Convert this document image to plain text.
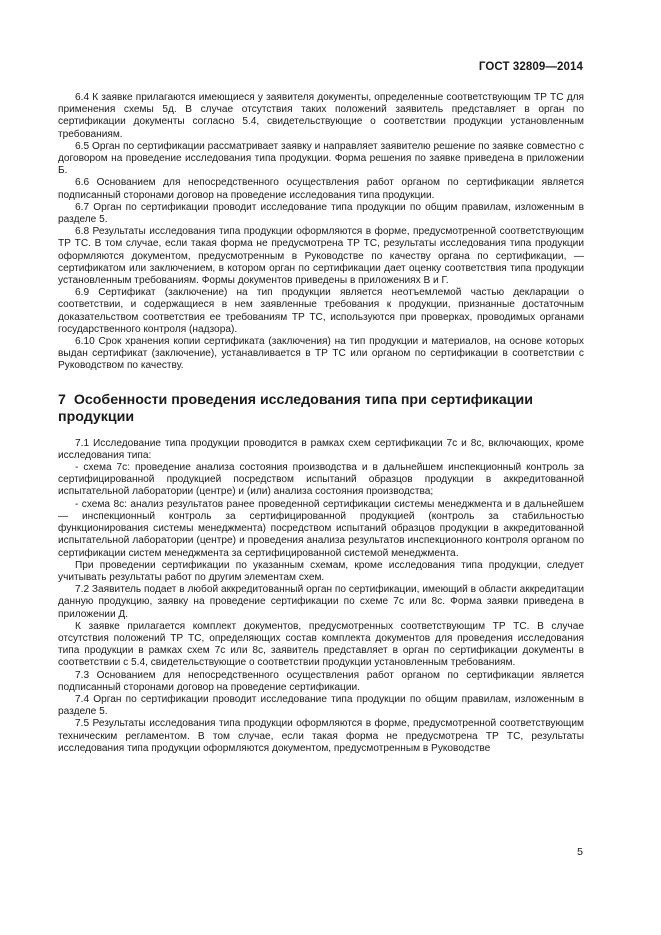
ГОСТ 32809—2014

6.4 К заявке прилагаются имеющиеся у заявителя документы, определенные соответствующим ТР ТС для применения схемы 5д. В случае отсутствия таких положений заявитель представляет в орган по сертификации документы согласно 5.4, свидетельствующие о соответствии продукции установленным требованиям.

6.5 Орган по сертификации рассматривает заявку и направляет заявителю решение по заявке совместно с договором на проведение исследования типа продукции. Форма решения по заявке приведена в приложении Б.

6.6 Основанием для непосредственного осуществления работ органом по сертификации является подписанный сторонами договор на проведение исследования типа продукции.

6.7 Орган по сертификации проводит исследование типа продукции по общим правилам, изложенным в разделе 5.

6.8 Результаты исследования типа продукции оформляются в форме, предусмотренной соответствующим ТР ТС. В том случае, если такая форма не предусмотрена ТР ТС, результаты исследования типа продукции оформляются документом, предусмотренным в Руководстве по качеству органа по сертификации, — сертификатом или заключением, в котором орган по сертификации дает оценку соответствия типа продукции установленным требованиям. Формы документов приведены в приложениях В и Г.

6.9 Сертификат (заключение) на тип продукции является неотъемлемой частью декларации о соответствии, и содержащиеся в нем заявленные требования к продукции, признанные достаточным доказательством соответствия ее требованиям ТР ТС, используются при проверках, проводимых органами государственного контроля (надзора).

6.10 Срок хранения копии сертификата (заключения) на тип продукции и материалов, на основе которых выдан сертификат (заключение), устанавливается в ТР ТС или органом по сертификации в соответствии с Руководством по качеству.

7 Особенности проведения исследования типа при сертификации продукции

7.1 Исследование типа продукции проводится в рамках схем сертификации 7с и 8с, включающих, кроме исследования типа:

- схема 7с: проведение анализа состояния производства и в дальнейшем инспекционный контроль за сертифицированной продукцией посредством испытаний образцов продукции в аккредитованной испытательной лаборатории (центре) и (или) анализа состояния производства;

- схема 8с: анализ результатов ранее проведенной сертификации системы менеджмента и в дальнейшем — инспекционный контроль за сертифицированной продукцией (контроль за стабильностью функционирования системы менеджмента) посредством испытаний образцов продукции в аккредитованной испытательной лаборатории (центре) и проведения анализа результатов инспекционного контроля органом по сертификации систем менеджмента за сертифицированной системой менеджмента.

При проведении сертификации по указанным схемам, кроме исследования типа продукции, следует учитывать результаты работ по другим элементам схем.

7.2 Заявитель подает в любой аккредитованный орган по сертификации, имеющий в области аккредитации данную продукцию, заявку на проведение сертификации по схеме 7с или 8с. Форма заявки приведена в приложении Д.

К заявке прилагается комплект документов, предусмотренных соответствующим ТР ТС. В случае отсутствия положений ТР ТС, определяющих состав комплекта документов для проведения исследования типа продукции в рамках схем 7с или 8с, заявитель представляет в орган по сертификации документы в соответствии с 5.4, свидетельствующие о соответствии продукции установленным требованиям.

7.3 Основанием для непосредственного осуществления работ органом по сертификации является подписанный сторонами договор на проведение сертификации.

7.4 Орган по сертификации проводит исследование типа продукции по общим правилам, изложенным в разделе 5.

7.5 Результаты исследования типа продукции оформляются в форме, предусмотренной соответствующим техническим регламентом. В том случае, если такая форма не предусмотрена ТР ТС, результаты исследования типа продукции оформляются документом, предусмотренным в Руководстве

5
